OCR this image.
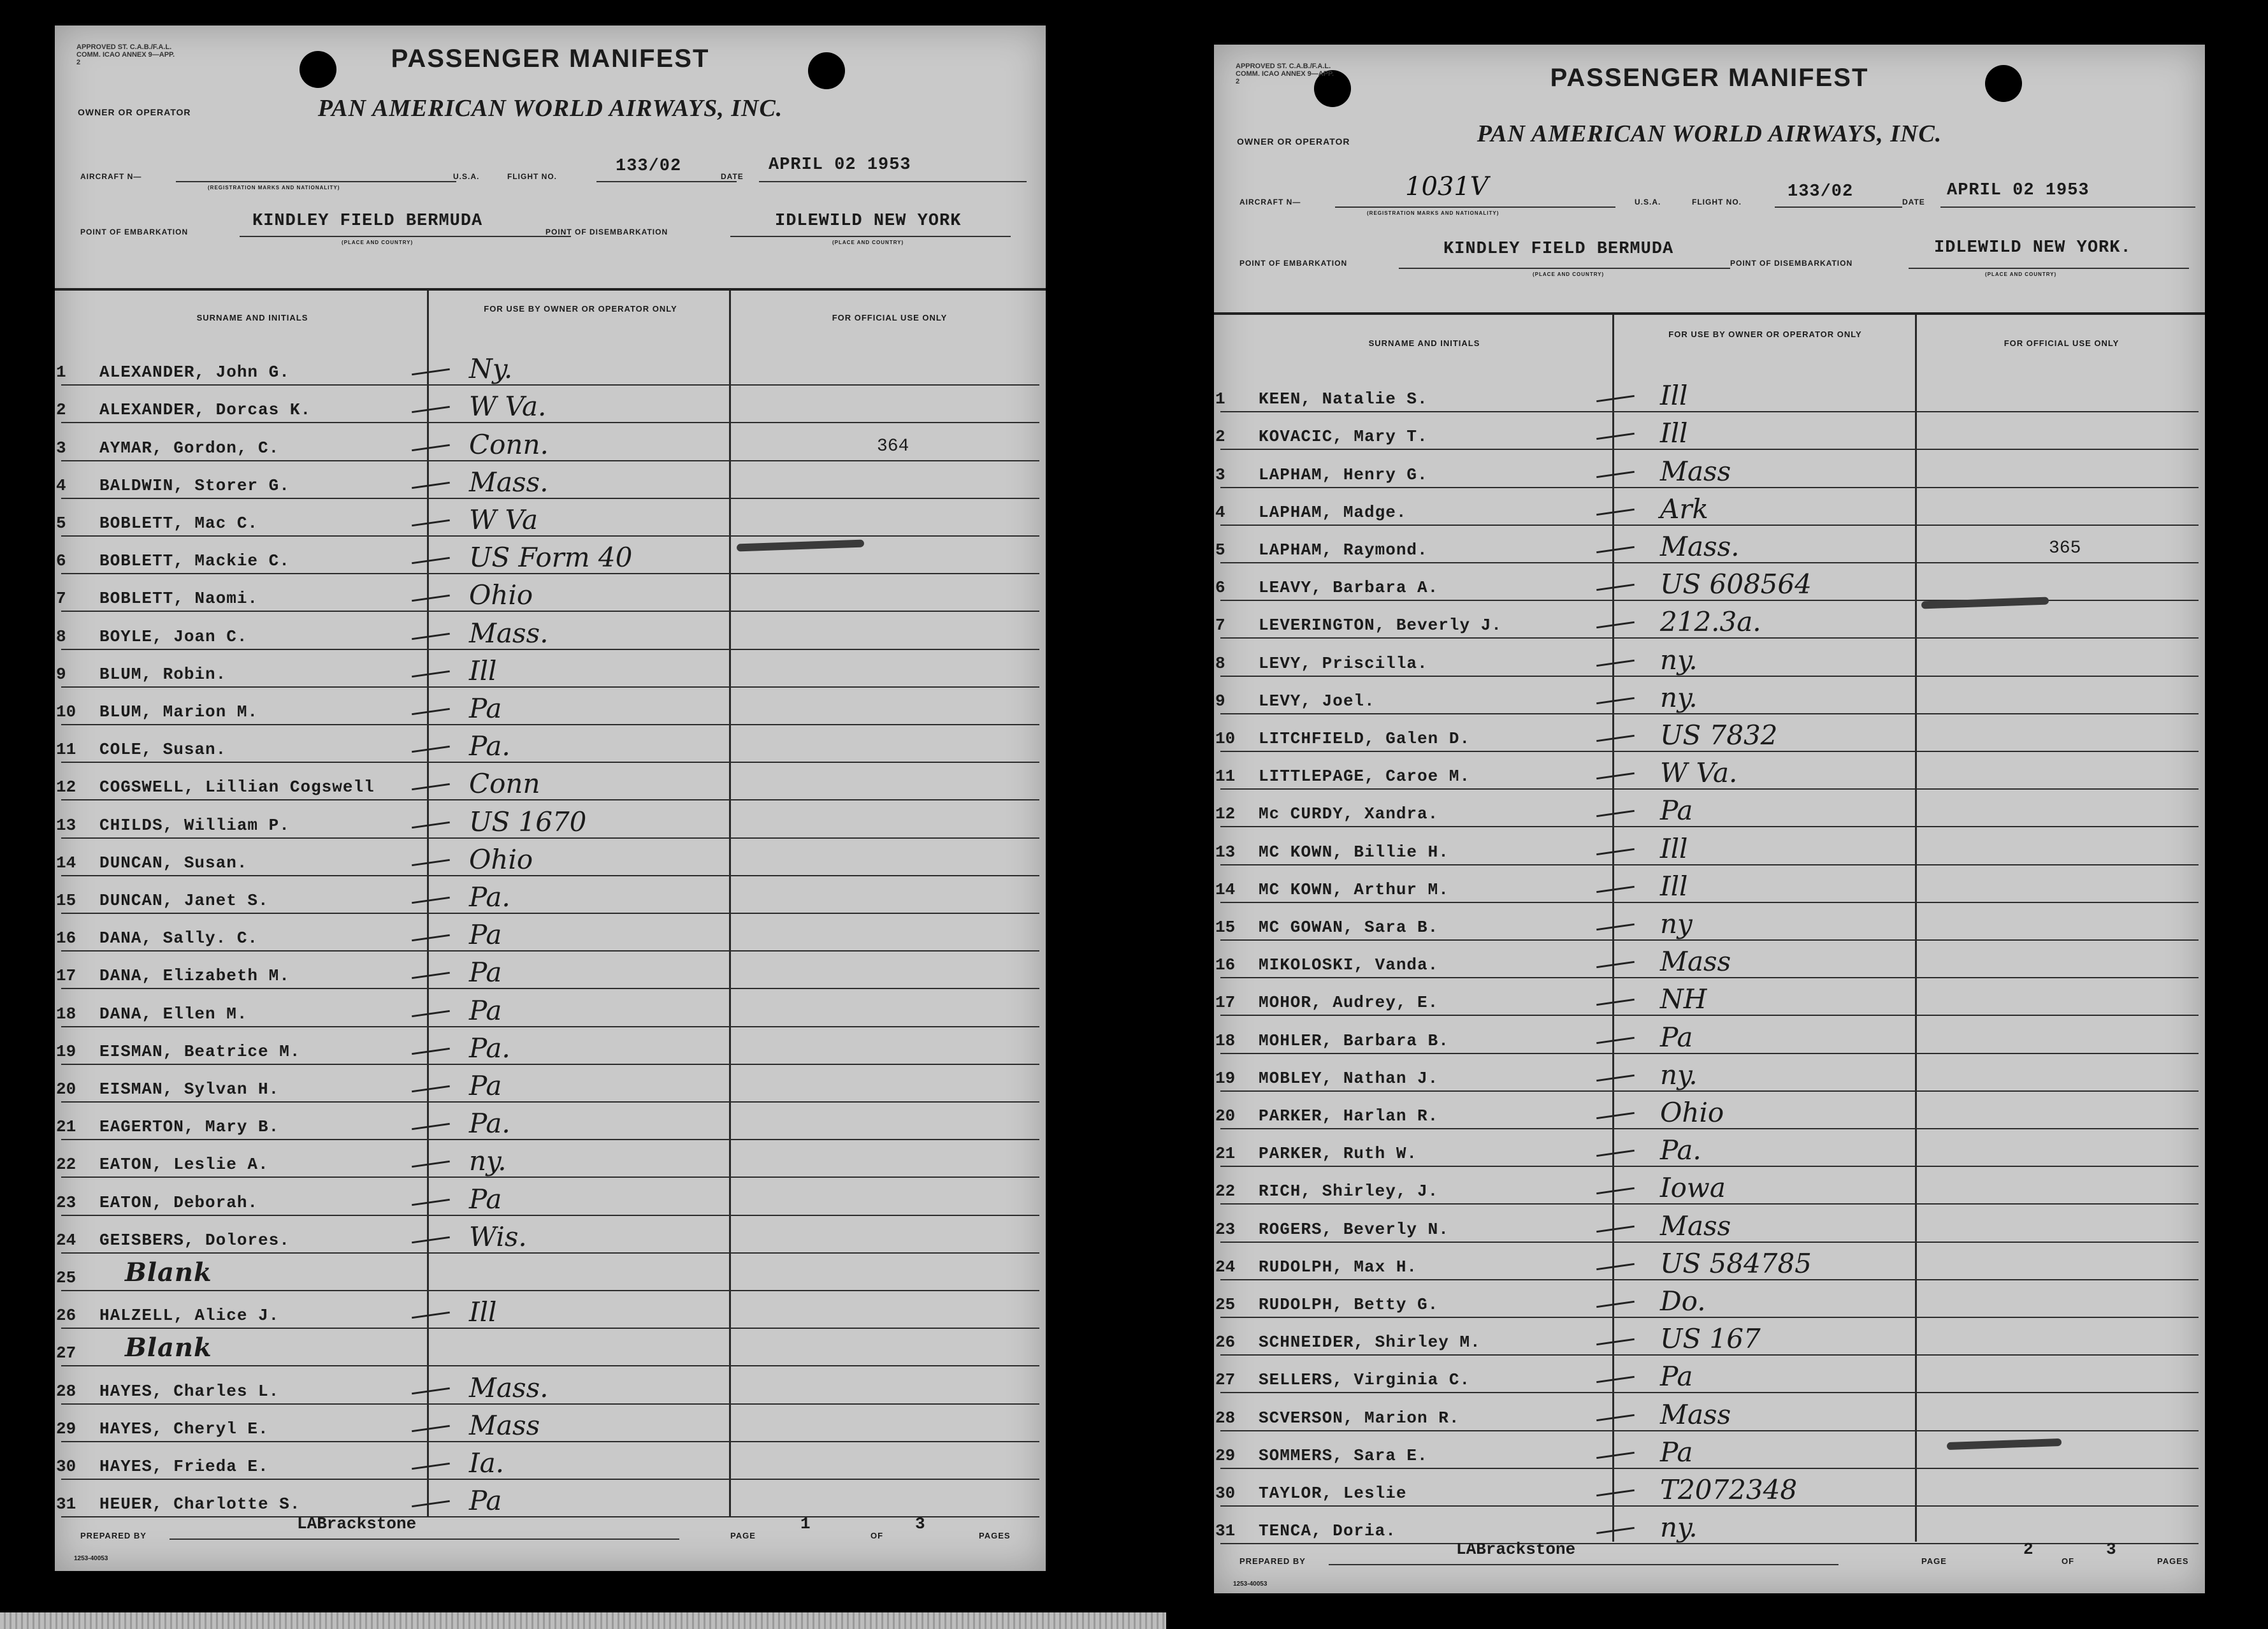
APPROVED ST. C.A.B./F.A.L. COMM. ICAO ANNEX 9—APP. 2	PASSENGER MANIFEST
OWNER OR OPERATOR	PAN AMERICAN WORLD AIRWAYS, INC.
AIRCRAFT N—
(REGISTRATION MARKS AND NATIONALITY)
U.S.A.	FLIGHT NO.
133/02
DATE
APRIL 02 1953
POINT OF EMBARKATION
KINDLEY FIELD BERMUDA
(PLACE AND COUNTRY)
POINT OF DISEMBARKATION
IDLEWILD NEW YORK
(PLACE AND COUNTRY)
SURNAME AND INITIALS
FOR USE BY OWNER OR OPERATOR ONLY
FOR OFFICIAL USE ONLY
1 ALEXANDER, John G.	Ny.
2 ALEXANDER, Dorcas K.	W Va.
3 AYMAR, Gordon, C.	Conn.	364
4 BALDWIN, Storer G.	Mass.
5 BOBLETT, Mac C.	W Va
6 BOBLETT, Mackie C.	US Form 40
7 BOBLETT, Naomi.	Ohio
8 BOYLE, Joan C.	Mass.
9 BLUM, Robin.	Ill
10 BLUM, Marion M.	Pa
11 COLE, Susan.	Pa.
12 COGSWELL, Lillian Cogswell	Conn
13 CHILDS, William P.	US 1670
14 DUNCAN, Susan.	Ohio
15 DUNCAN, Janet S.	Pa.
16 DANA, Sally. C.	Pa
17 DANA, Elizabeth M.	Pa
18 DANA, Ellen M.	Pa
19 EISMAN, Beatrice M.	Pa.
20 EISMAN, Sylvan H.	Pa
21 EAGERTON, Mary B.	Pa.
22 EATON, Leslie A.	ny.
23 EATON, Deborah.	Pa
24 GEISBERS, Dolores.	Wis.
25 Blank
26 HALZELL, Alice J.	Ill
27 Blank
28 HAYES, Charles L.	Mass.
29 HAYES, Cheryl E.	Mass
30 HAYES, Frieda E.	Ia.
31 HEUER, Charlotte S.	Pa
PREPARED BY
LABrackstone
PAGE
1
OF
3
PAGES
1253-40053
APPROVED ST. C.A.B./F.A.L. COMM. ICAO ANNEX 9—APP. 2	PASSENGER MANIFEST
OWNER OR OPERATOR	PAN AMERICAN WORLD AIRWAYS, INC.
AIRCRAFT N—
1031V
(REGISTRATION MARKS AND NATIONALITY)
U.S.A.	FLIGHT NO.
133/02
DATE
APRIL 02 1953
POINT OF EMBARKATION
KINDLEY FIELD BERMUDA
(PLACE AND COUNTRY)
POINT OF DISEMBARKATION
IDLEWILD NEW YORK.
(PLACE AND COUNTRY)
SURNAME AND INITIALS
FOR USE BY OWNER OR OPERATOR ONLY
FOR OFFICIAL USE ONLY
1 KEEN, Natalie S.	Ill
2 KOVACIC, Mary T.	Ill
3 LAPHAM, Henry G.	Mass
4 LAPHAM, Madge.	Ark
5 LAPHAM, Raymond.	Mass.	365
6 LEAVY, Barbara A.	US 608564
7 LEVERINGTON, Beverly J.	212.3a.
8 LEVY, Priscilla.	ny.
9 LEVY, Joel.	ny.
10 LITCHFIELD, Galen D.	US 7832
11 LITTLEPAGE, Caroe M.	W Va.
12 Mc CURDY, Xandra.	Pa
13 MC KOWN, Billie H.	Ill
14 MC KOWN, Arthur M.	Ill
15 MC GOWAN, Sara B.	ny
16 MIKOLOSKI, Vanda.	Mass
17 MOHOR, Audrey, E.	NH
18 MOHLER, Barbara B.	Pa
19 MOBLEY, Nathan J.	ny.
20 PARKER, Harlan R.	Ohio
21 PARKER, Ruth W.	Pa.
22 RICH, Shirley, J.	Iowa
23 ROGERS, Beverly N.	Mass
24 RUDOLPH, Max H.	US 584785
25 RUDOLPH, Betty G.	Do.
26 SCHNEIDER, Shirley M.	US 167
27 SELLERS, Virginia C.	Pa
28 SCVERSON, Marion R.	Mass
29 SOMMERS, Sara E.	Pa
30 TAYLOR, Leslie	T2072348
31 TENCA, Doria.	ny.
PREPARED BY
LABrackstone
PAGE
2
OF
3
PAGES
1253-40053
